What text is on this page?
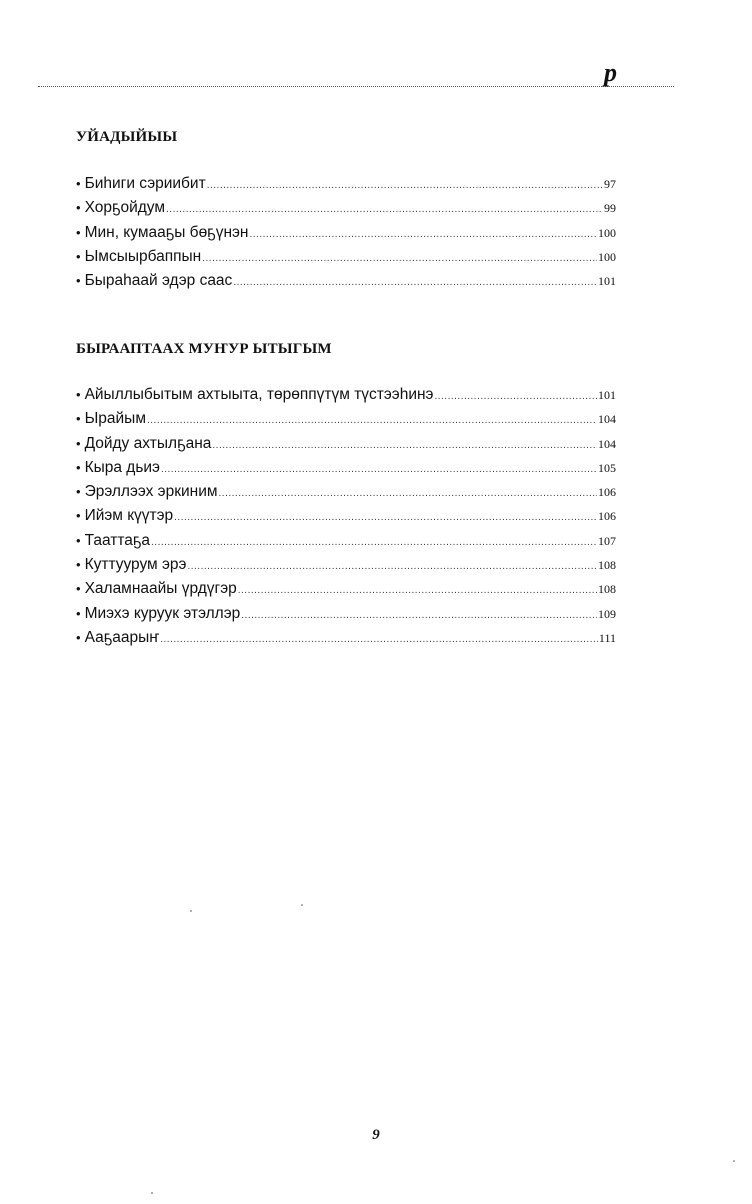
p
УЙАДЫЙЫЫ
• Биһиги сэриибит .....	97
• Хорҕойдум .....	99
• Мин, кумааҕы бөҕүнэн .....	100
• Ымсыырбаппын .....	100
• Быраһаай эдэр саас .....	101
БЫРААПТААХ МУҤУР ЫТЫГЫМ
• Айыллыбытым ахтыыта, төрөппүтүм түстээһинэ .....	101
• Ырайым .....	104
• Дойду ахтылҕана .....	104
• Кыра дьиэ .....	105
• Эрэллээх эркиним .....	106
• Ийэм күүтэр .....	106
• Тааттаҕа .....	107
• Куттуурум эрэ .....	108
• Халамнаайы үрдүгэр .....	108
• Миэхэ куруук этэллэр .....	109
• Ааҕаарыҥ .....	111
9
